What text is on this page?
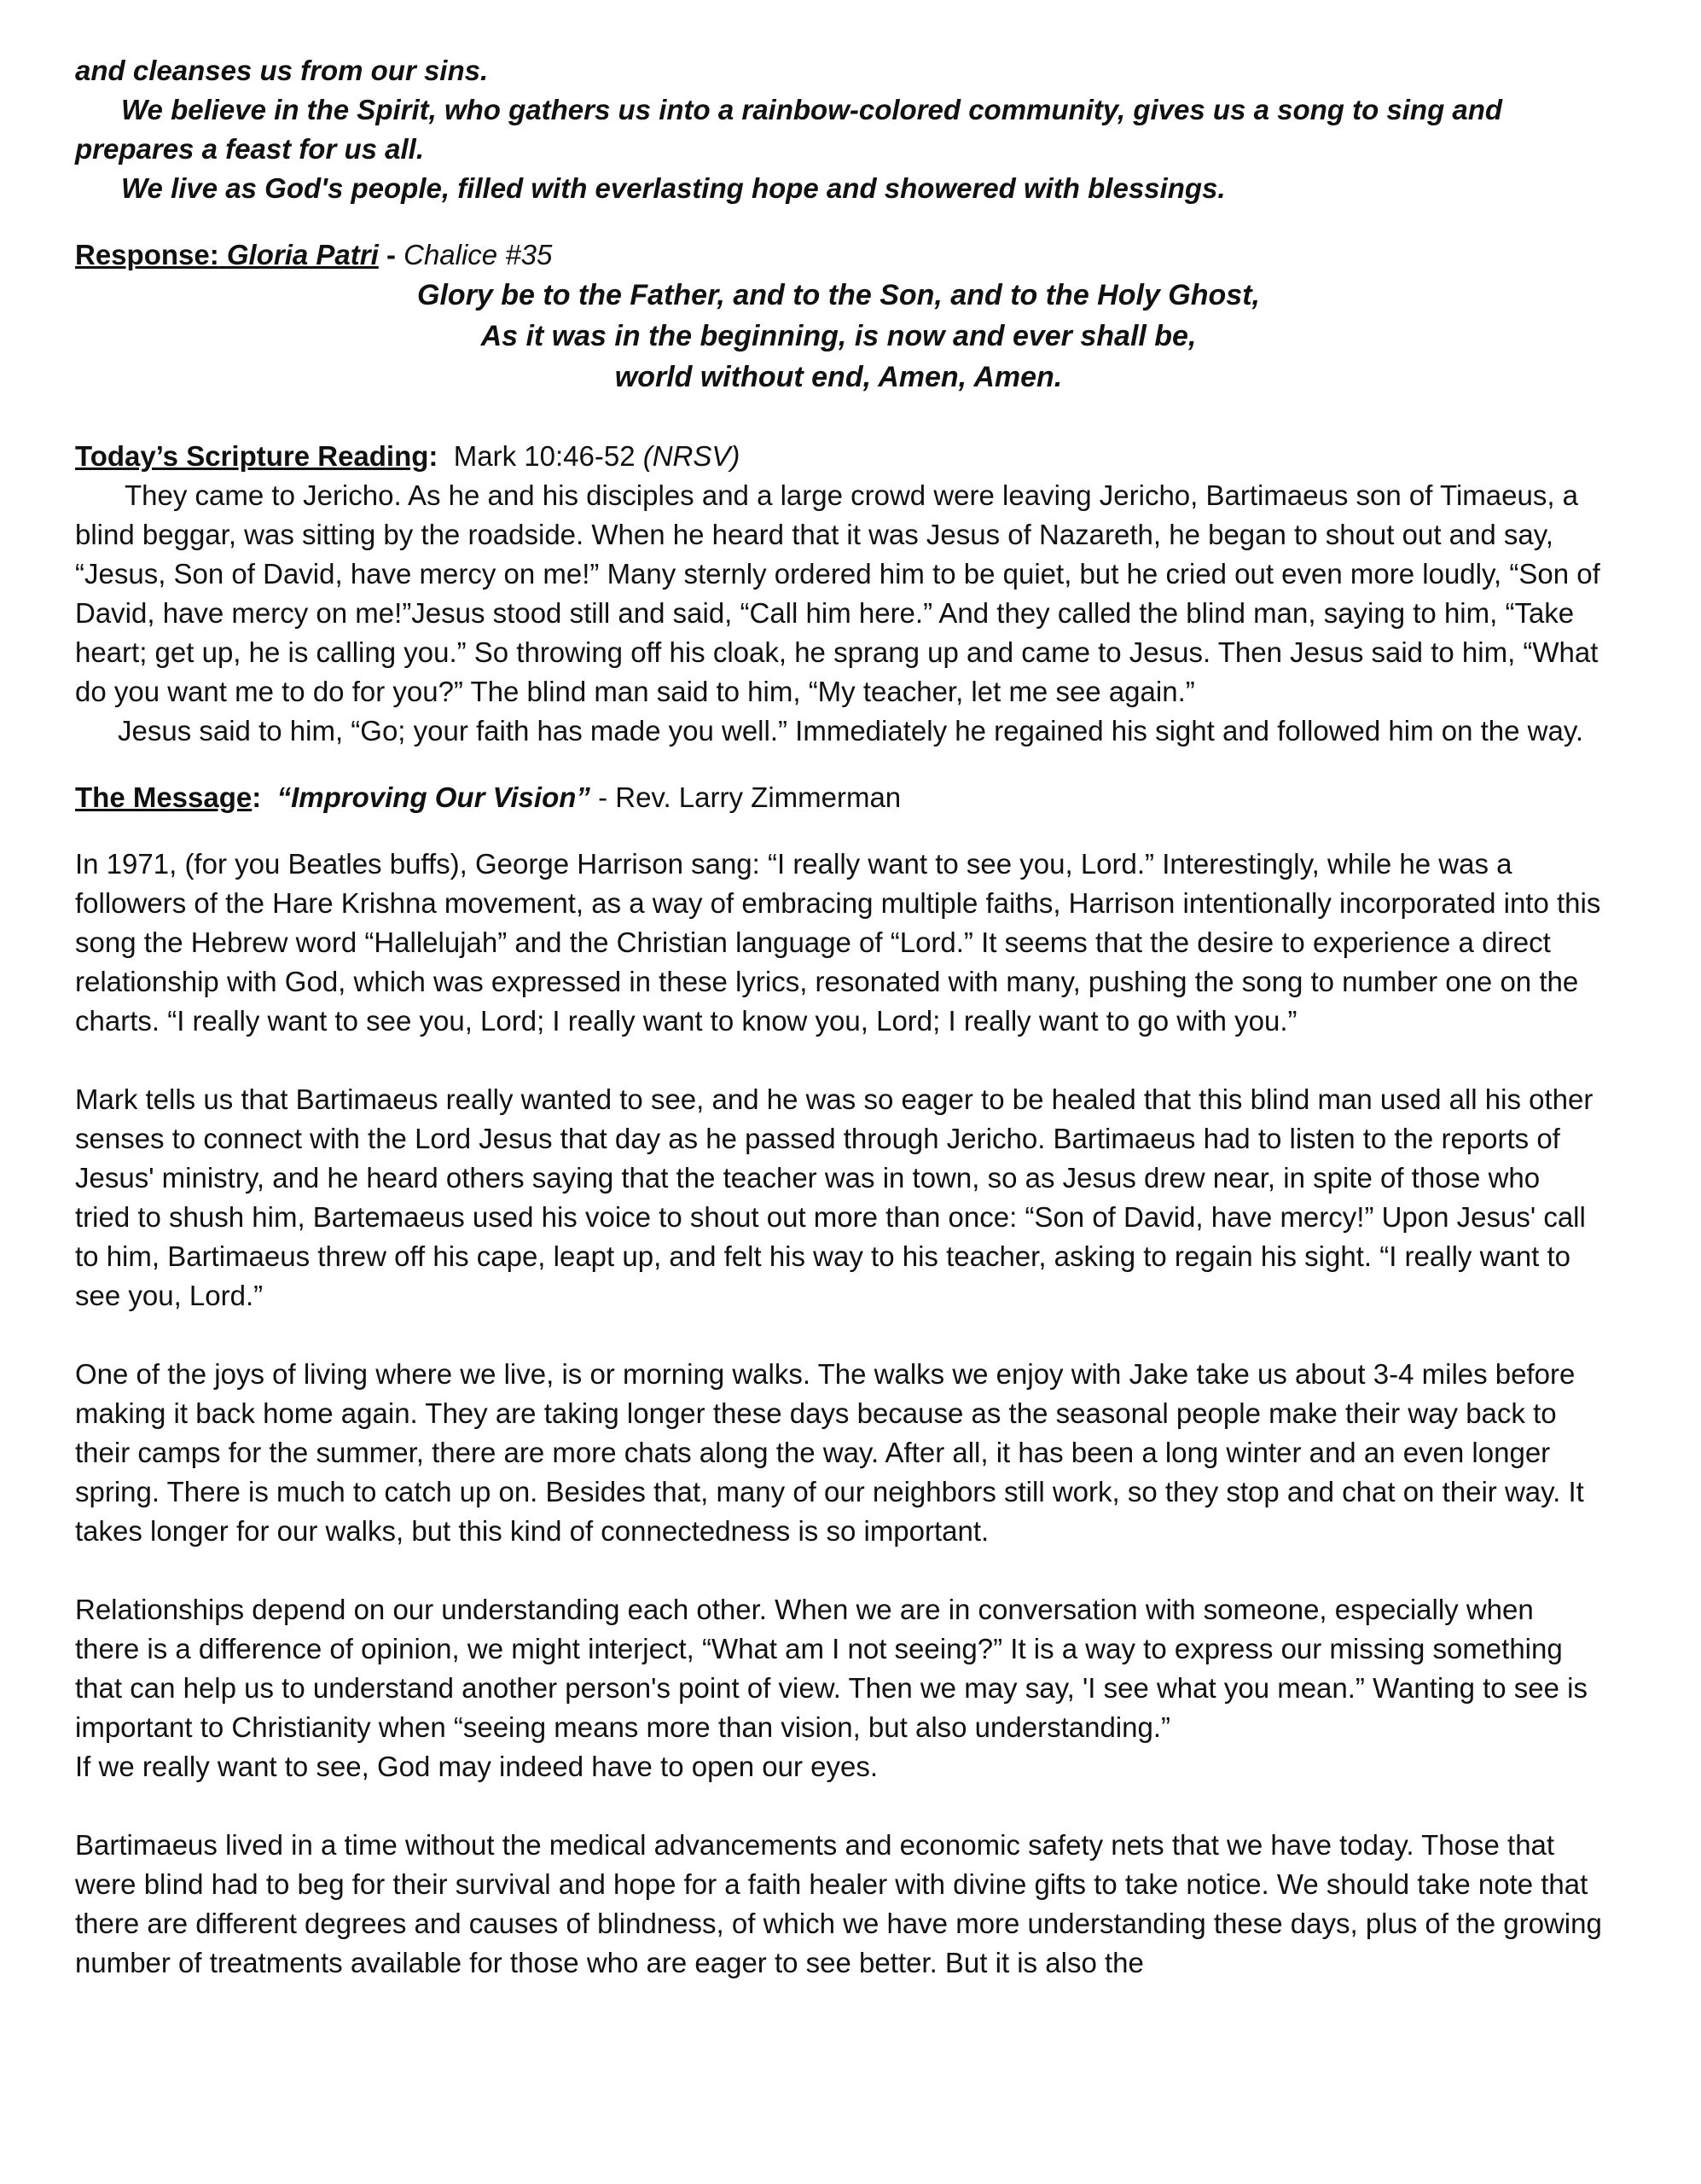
and cleanses us from our sins.

We believe in the Spirit, who gathers us into a rainbow-colored community, gives us a song to sing and prepares a feast for us all.

We live as God's people, filled with everlasting hope and showered with blessings.

Response: Gloria Patri - Chalice #35

Glory be to the Father, and to the Son, and to the Holy Ghost,

As it was in the beginning, is now and ever shall be,

world without end, Amen, Amen.

Today’s Scripture Reading: Mark 10:46-52 (NRSV)

They came to Jericho. As he and his disciples and a large crowd were leaving Jericho, Bartimaeus son of Timaeus, a blind beggar, was sitting by the roadside. When he heard that it was Jesus of Nazareth, he began to shout out and say, “Jesus, Son of David, have mercy on me!” Many sternly ordered him to be quiet, but he cried out even more loudly, “Son of David, have mercy on me!”Jesus stood still and said, “Call him here.” And they called the blind man, saying to him, “Take heart; get up, he is calling you.” So throwing off his cloak, he sprang up and came to Jesus. Then Jesus said to him, “What do you want me to do for you?” The blind man said to him, “My teacher, let me see again.”

Jesus said to him, “Go; your faith has made you well.” Immediately he regained his sight and followed him on the way.

The Message: “Improving Our Vision” - Rev. Larry Zimmerman

In 1971, (for you Beatles buffs), George Harrison sang: “I really want to see you, Lord.” Interestingly, while he was a followers of the Hare Krishna movement, as a way of embracing multiple faiths, Harrison intentionally incorporated into this song the Hebrew word “Hallelujah” and the Christian language of “Lord.” It seems that the desire to experience a direct relationship with God, which was expressed in these lyrics, resonated with many, pushing the song to number one on the charts. “I really want to see you, Lord; I really want to know you, Lord; I really want to go with you.”

Mark tells us that Bartimaeus really wanted to see, and he was so eager to be healed that this blind man used all his other senses to connect with the Lord Jesus that day as he passed through Jericho. Bartimaeus had to listen to the reports of Jesus' ministry, and he heard others saying that the teacher was in town, so as Jesus drew near, in spite of those who tried to shush him, Bartemaeus used his voice to shout out more than once: “Son of David, have mercy!” Upon Jesus' call to him, Bartimaeus threw off his cape, leapt up, and felt his way to his teacher, asking to regain his sight. “I really want to see you, Lord.”

One of the joys of living where we live, is or morning walks. The walks we enjoy with Jake take us about 3-4 miles before making it back home again. They are taking longer these days because as the seasonal people make their way back to their camps for the summer, there are more chats along the way. After all, it has been a long winter and an even longer spring. There is much to catch up on. Besides that, many of our neighbors still work, so they stop and chat on their way. It takes longer for our walks, but this kind of connectedness is so important.

Relationships depend on our understanding each other. When we are in conversation with someone, especially when there is a difference of opinion, we might interject, “What am I not seeing?” It is a way to express our missing something that can help us to understand another person's point of view. Then we may say, 'I see what you mean.” Wanting to see is important to Christianity when “seeing means more than vision, but also understanding.”

If we really want to see, God may indeed have to open our eyes.

Bartimaeus lived in a time without the medical advancements and economic safety nets that we have today. Those that were blind had to beg for their survival and hope for a faith healer with divine gifts to take notice. We should take note that there are different degrees and causes of blindness, of which we have more understanding these days, plus of the growing number of treatments available for those who are eager to see better. But it is also the
